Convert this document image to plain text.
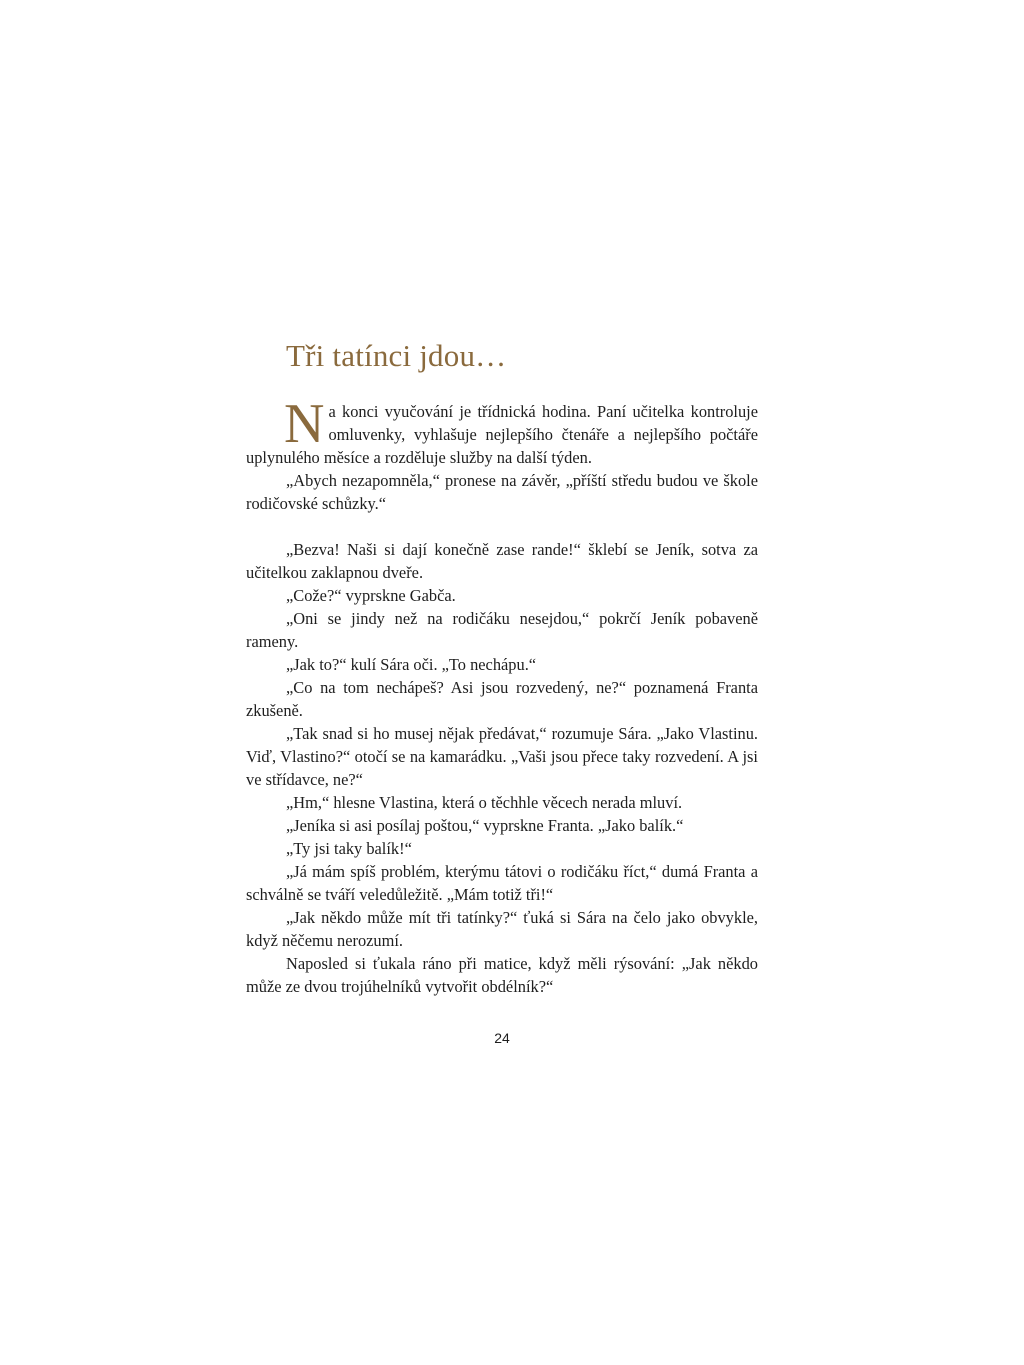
Tři tatínci jdou…

Na konci vyučování je třídnická hodina. Paní učitelka kontroluje omluvenky, vyhlašuje nejlepšího čtenáře a nejlepšího počtáře uplynulého měsíce a rozděluje služby na další týden.

„Abych nezapomněla,“ pronese na závěr, „příští středu budou ve škole rodičovské schůzky.“

„Bezva! Naši si dají konečně zase rande!“ šklebí se Jeník, sotva za učitelkou zaklapnou dveře.

„Cože?“ vyprskne Gabča.

„Oni se jindy než na rodičáku nesejdou,“ pokrčí Jeník pobaveně rameny.

„Jak to?“ kulí Sára oči. „To nechápu.“

„Co na tom nechápeš? Asi jsou rozvedený, ne?“ poznamená Franta zkušeně.

„Tak snad si ho musej nějak předávat,“ rozumuje Sára. „Jako Vlastinu. Viď, Vlastino?“ otočí se na kamarádku. „Vaši jsou přece taky rozvedení. A jsi ve střídavce, ne?“

„Hm,“ hlesne Vlastina, která o těchhle věcech nerada mluví.

„Jeníka si asi posílaj poštou,“ vyprskne Franta. „Jako balík.“

„Ty jsi taky balík!“

„Já mám spíš problém, kterýmu tátovi o rodičáku říct,“ dumá Franta a schválně se tváří veledůležitě. „Mám totiž tři!“

„Jak někdo může mít tři tatínky?“ ťuká si Sára na čelo jako obvykle, když něčemu nerozumí.

Naposled si ťukala ráno při matice, když měli rýsování: „Jak někdo může ze dvou trojúhelníků vytvořit obdélník?“

24
